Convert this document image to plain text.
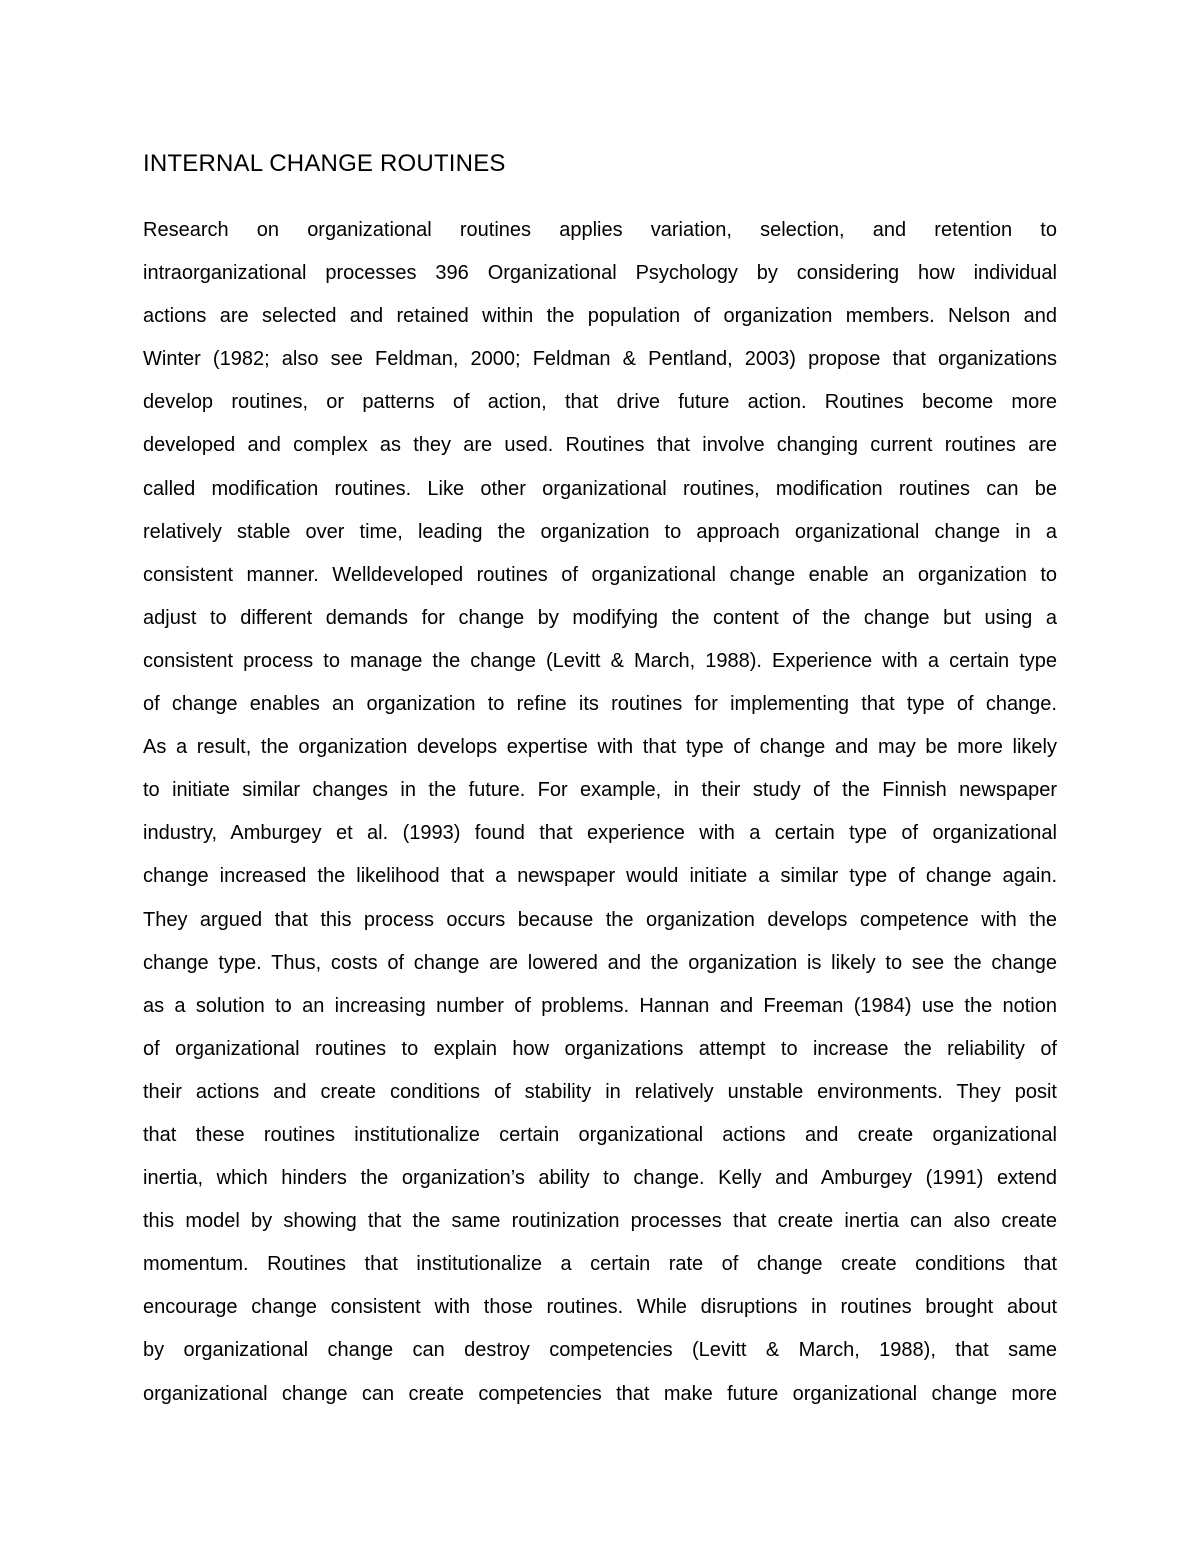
INTERNAL CHANGE ROUTINES
Research on organizational routines applies variation, selection, and retention to
intraorganizational processes 396 Organizational Psychology by considering how individual
actions are selected and retained within the population of organization members. Nelson and
Winter (1982; also see Feldman, 2000; Feldman & Pentland, 2003) propose that organizations
develop routines, or patterns of action, that drive future action. Routines become more
developed and complex as they are used. Routines that involve changing current routines are
called modification routines. Like other organizational routines, modification routines can be
relatively stable over time, leading the organization to approach organizational change in a
consistent manner. Welldeveloped routines of organizational change enable an organization to
adjust to different demands for change by modifying the content of the change but using a
consistent process to manage the change (Levitt & March, 1988). Experience with a certain type
of change enables an organization to refine its routines for implementing that type of change.
As a result, the organization develops expertise with that type of change and may be more likely
to initiate similar changes in the future. For example, in their study of the Finnish newspaper
industry, Amburgey et al. (1993) found that experience with a certain type of organizational
change increased the likelihood that a newspaper would initiate a similar type of change again.
They argued that this process occurs because the organization develops competence with the
change type. Thus, costs of change are lowered and the organization is likely to see the change
as a solution to an increasing number of problems. Hannan and Freeman (1984) use the notion
of organizational routines to explain how organizations attempt to increase the reliability of
their actions and create conditions of stability in relatively unstable environments. They posit
that these routines institutionalize certain organizational actions and create organizational
inertia, which hinders the organization’s ability to change. Kelly and Amburgey (1991) extend
this model by showing that the same routinization processes that create inertia can also create
momentum. Routines that institutionalize a certain rate of change create conditions that
encourage change consistent with those routines. While disruptions in routines brought about
by organizational change can destroy competencies (Levitt & March, 1988), that same
organizational change can create competencies that make future organizational change more
